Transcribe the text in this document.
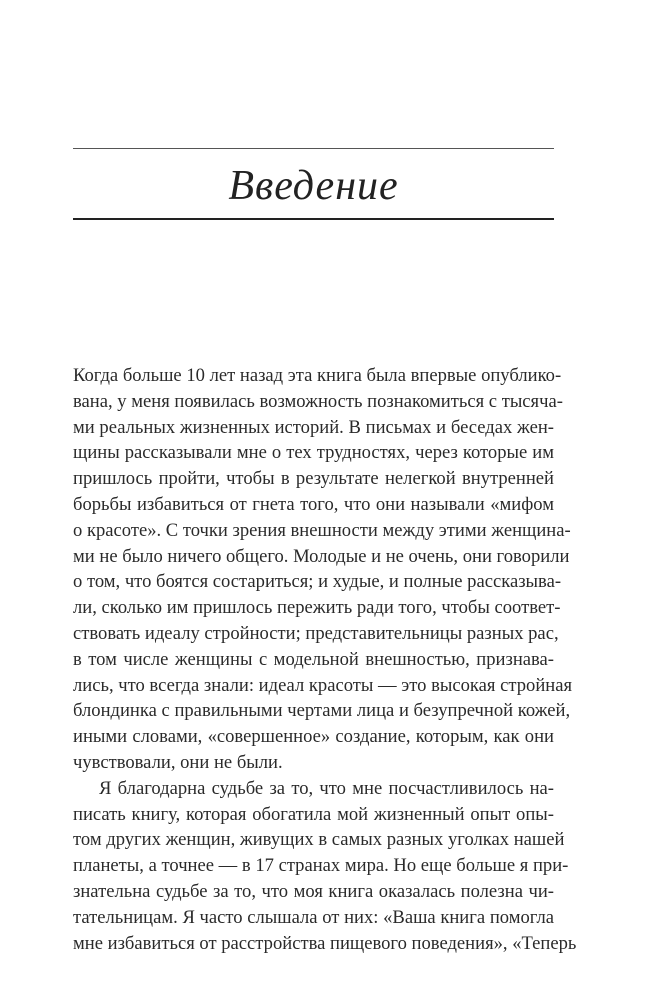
Введение
Когда больше 10 лет назад эта книга была впервые опублико-
вана, у меня появилась возможность познакомиться с тысяча-
ми реальных жизненных историй. В письмах и беседах жен-
щины рассказывали мне о тех трудностях, через которые им
пришлось пройти, чтобы в результате нелегкой внутренней
борьбы избавиться от гнета того, что они называли «мифом
о красоте». С точки зрения внешности между этими женщина-
ми не было ничего общего. Молодые и не очень, они говорили
о том, что боятся состариться; и худые, и полные рассказыва-
ли, сколько им пришлось пережить ради того, чтобы соответ-
ствовать идеалу стройности; представительницы разных рас,
в том числе женщины с модельной внешностью, признава-
лись, что всегда знали: идеал красоты — это высокая стройная
блондинка с правильными чертами лица и безупречной кожей,
иными словами, «совершенное» создание, которым, как они
чувствовали, они не были.
Я благодарна судьбе за то, что мне посчастливилось на-
писать книгу, которая обогатила мой жизненный опыт опы-
том других женщин, живущих в самых разных уголках нашей
планеты, а точнее — в 17 странах мира. Но еще больше я при-
знательна судьбе за то, что моя книга оказалась полезна чи-
тательницам. Я часто слышала от них: «Ваша книга помогла
мне избавиться от расстройства пищевого поведения», «Теперь
